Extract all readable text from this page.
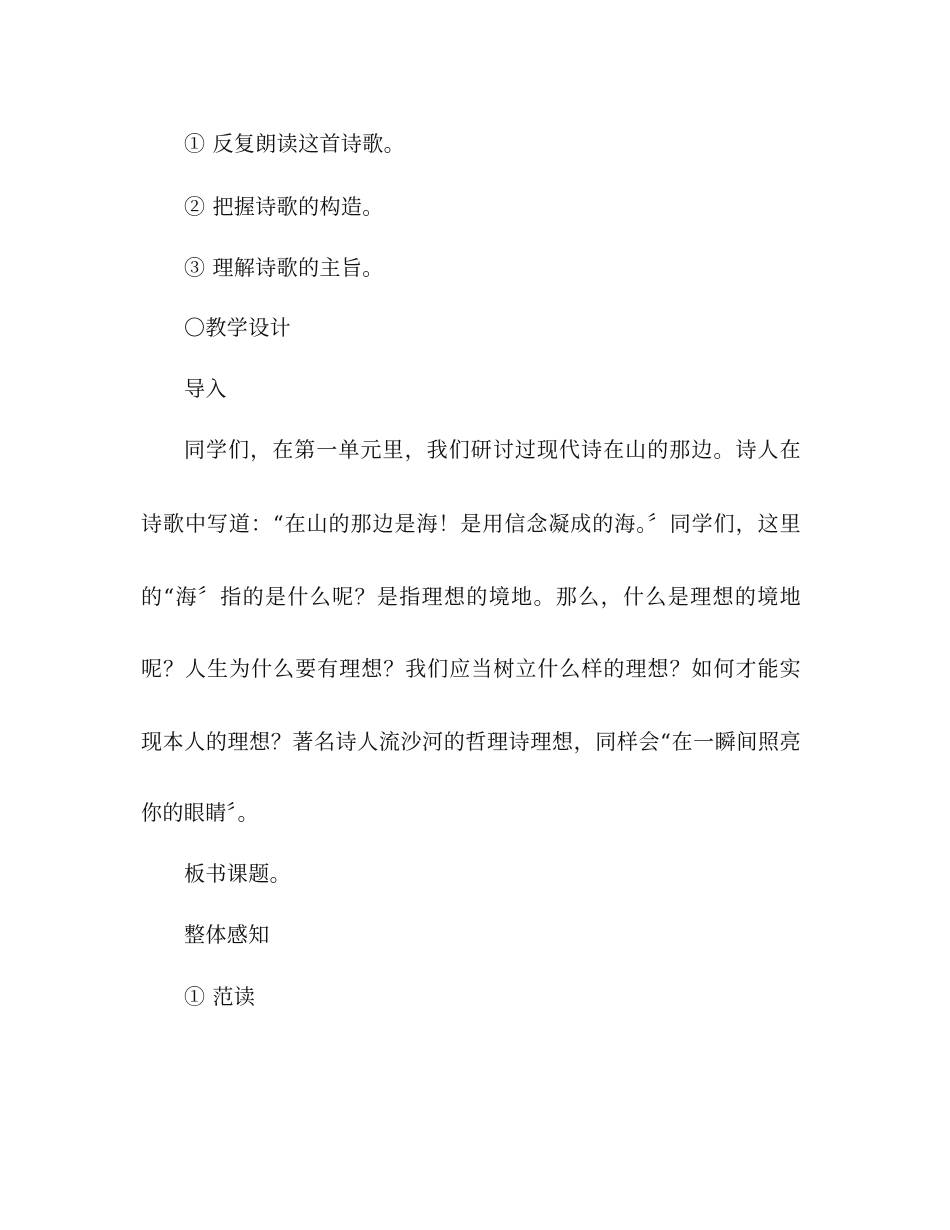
① 反复朗读这首诗歌。
② 把握诗歌的构造。
③ 理解诗歌的主旨。
〇教学设计
导入
同学们，在第一单元里，我们研讨过现代诗在山的那边。诗人在
诗歌中写道：“在山的那边是海！是用信念凝成的海。〞同学们，这里
的“海〞指的是什么呢？是指理想的境地。那么，什么是理想的境地
呢？人生为什么要有理想？我们应当树立什么样的理想？如何才能实
现本人的理想？著名诗人流沙河的哲理诗理想，同样会“在一瞬间照亮
你的眼睛〞。
板书课题。
整体感知
① 范读
